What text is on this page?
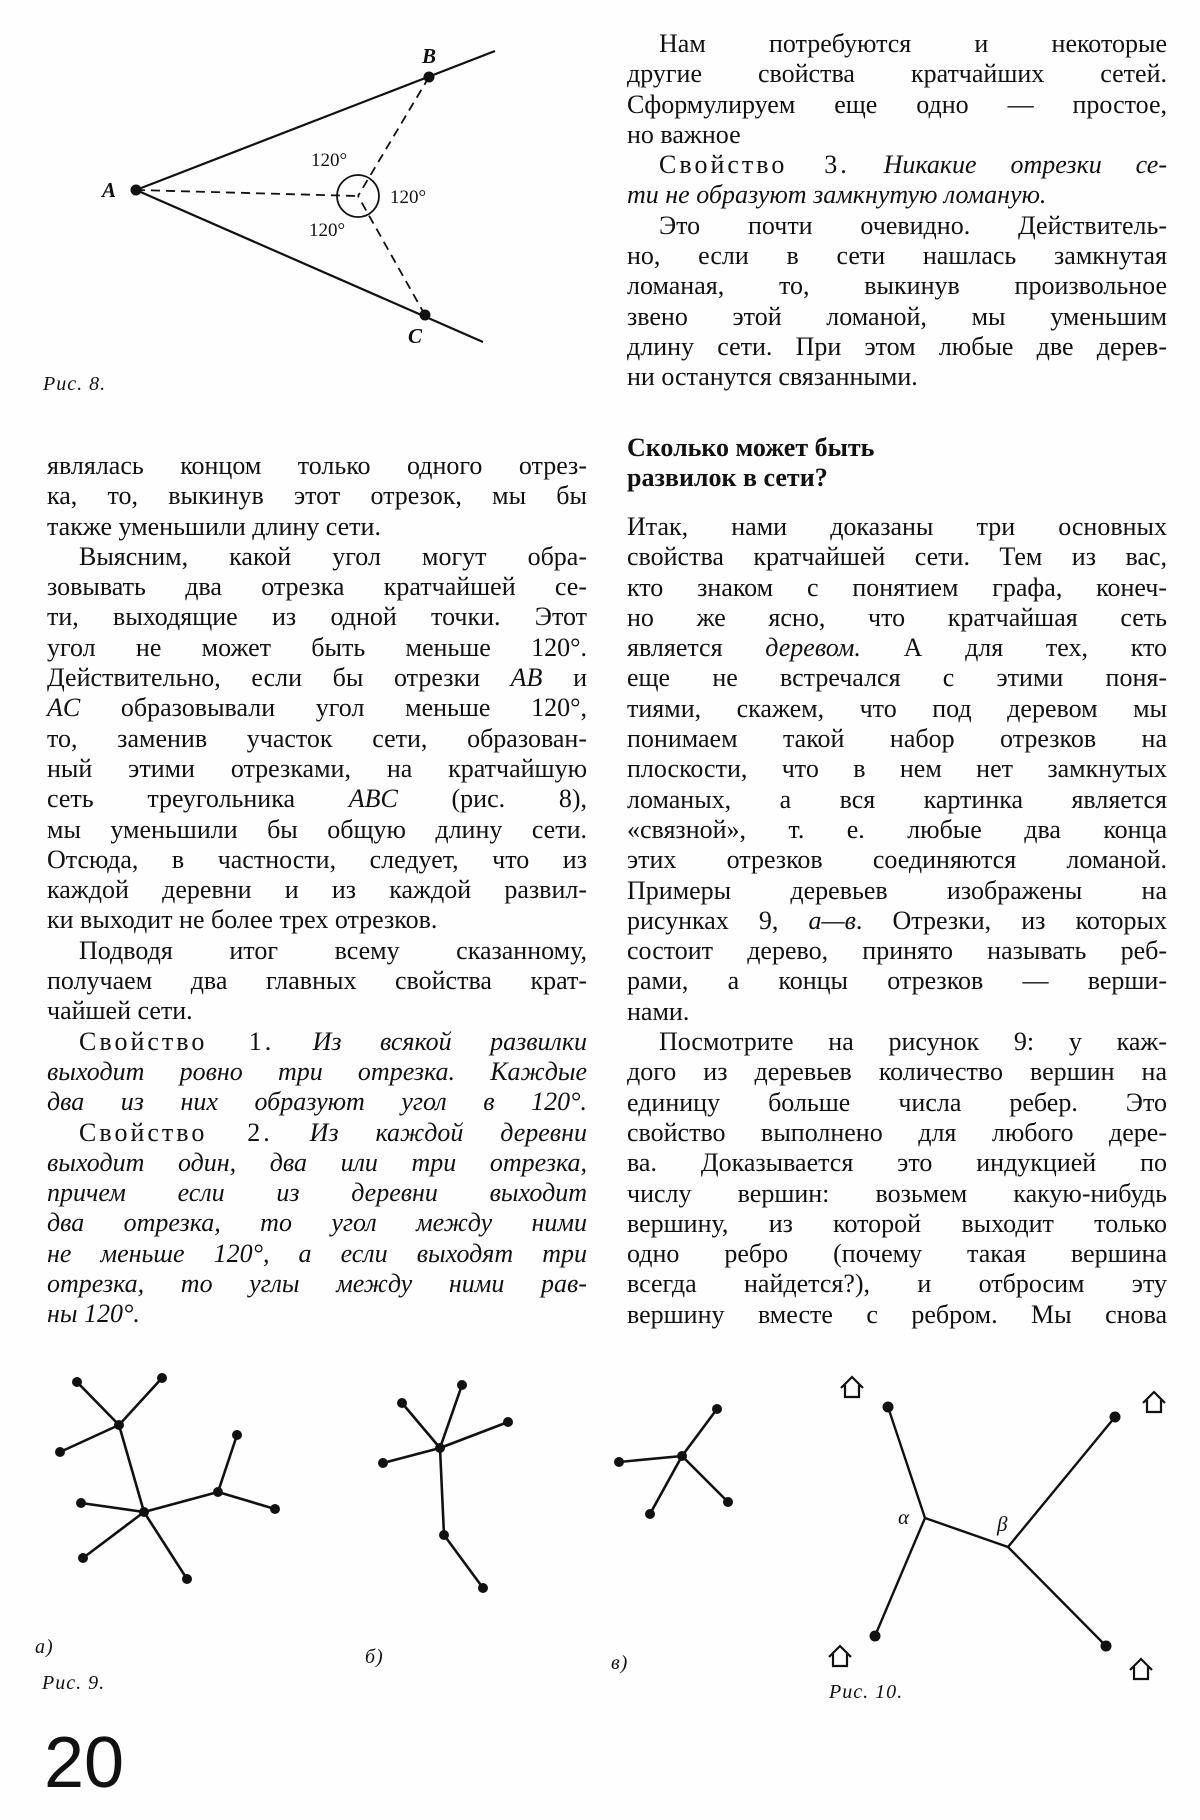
A
B
C
120°
120°
120°
Рис. 8.
Нам потребуются и некоторые
другие свойства кратчайших сетей.
Сформулируем еще одно — простое,
но важное
Свойство 3. Никакие отрезки се-
ти не образуют замкнутую ломаную.
Это почти очевидно. Действитель-
но, если в сети нашлась замкнутая
ломаная, то, выкинув произвольное
звено этой ломаной, мы уменьшим
длину сети. При этом любые две дерев-
ни останутся связанными.
Сколько может быть
развилок в сети?
Итак, нами доказаны три основных
свойства кратчайшей сети. Тем из вас,
кто знаком с понятием графа, конеч-
но же ясно, что кратчайшая сеть
является деревом. А для тех, кто
еще не встречался с этими поня-
тиями, скажем, что под деревом мы
понимаем такой набор отрезков на
плоскости, что в нем нет замкнутых
ломаных, а вся картинка является
«связной», т. е. любые два конца
этих отрезков соединяются ломаной.
Примеры деревьев изображены на
рисунках 9, а—в. Отрезки, из которых
состоит дерево, принято называть реб-
рами, а концы отрезков — верши-
нами.
Посмотрите на рисунок 9: у каж-
дого из деревьев количество вершин на
единицу больше числа ребер. Это
свойство выполнено для любого дере-
ва. Доказывается это индукцией по
числу вершин: возьмем какую-нибудь
вершину, из которой выходит только
одно ребро (почему такая вершина
всегда найдется?), и отбросим эту
вершину вместе с ребром. Мы снова
являлась концом только одного отрез-
ка, то, выкинув этот отрезок, мы бы
также уменьшили длину сети.
Выясним, какой угол могут обра-
зовывать два отрезка кратчайшей се-
ти, выходящие из одной точки. Этот
угол не может быть меньше 120°.
Действительно, если бы отрезки AB и
AC образовывали угол меньше 120°,
то, заменив участок сети, образован-
ный этими отрезками, на кратчайшую
сеть треугольника ABC (рис. 8),
мы уменьшили бы общую длину сети.
Отсюда, в частности, следует, что из
каждой деревни и из каждой развил-
ки выходит не более трех отрезков.
Подводя итог всему сказанному,
получаем два главных свойства крат-
чайшей сети.
Свойство 1. Из всякой развилки
выходит ровно три отрезка. Каждые
два из них образуют угол в 120°.
Свойство 2. Из каждой деревни
выходит один, два или три отрезка,
причем если из деревни выходит
два отрезка, то угол между ними
не меньше 120°, а если выходят три
отрезка, то углы между ними рав-
ны 120°.
а)	б)	в)
Рис. 9.	Рис. 10.
α	β
20
